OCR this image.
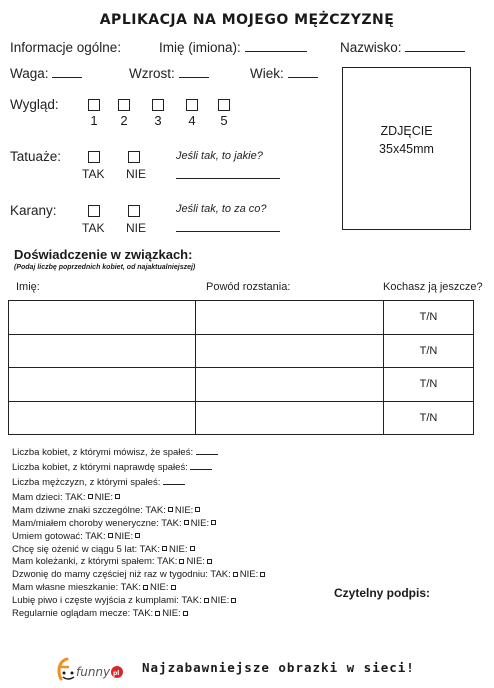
APLIKACJA NA MOJEGO MĘŻCZYZNĘ
Informacje ogólne:	Imię (imiona):	Nazwisko:
Waga:	Wzrost:	Wiek:
ZDJĘCIE
35x45mm
Wygląd:
1 2 3 4 5
Tatuaże:
TAK NIE
Jeśli tak, to jakie?
Karany:
TAK NIE
Jeśli tak, to za co?
Doświadczenie w związkach:
(Podaj liczbę poprzednich kobiet, od najaktualniejszej)
Imię:	Powód rozstania:	Kochasz ją jeszcze?
		T/N
		T/N
		T/N
		T/N
Liczba kobiet, z którymi mówisz, że spałeś:
Liczba kobiet, z którymi naprawdę spałeś:
Liczba mężczyzn, z którymi spałeś:
Mam dzieci: TAK: NIE:
Mam dziwne znaki szczególne: TAK: NIE:
Mam/miałem choroby weneryczne: TAK: NIE:
Umiem gotować: TAK: NIE:
Chcę się ożenić w ciągu 5 lat: TAK: NIE:
Mam koleżanki, z którymi spałem: TAK: NIE:
Dzwonię do mamy częściej niż raz w tygodniu: TAK: NIE:
Mam własne mieszkanie: TAK: NIE:
Lubię piwo i częste wyjścia z kumplami: TAK: NIE:
Regularnie oglądam mecze: TAK: NIE:
Czytelny podpis:
funny pl Najzabawniejsze obrazki w sieci!
